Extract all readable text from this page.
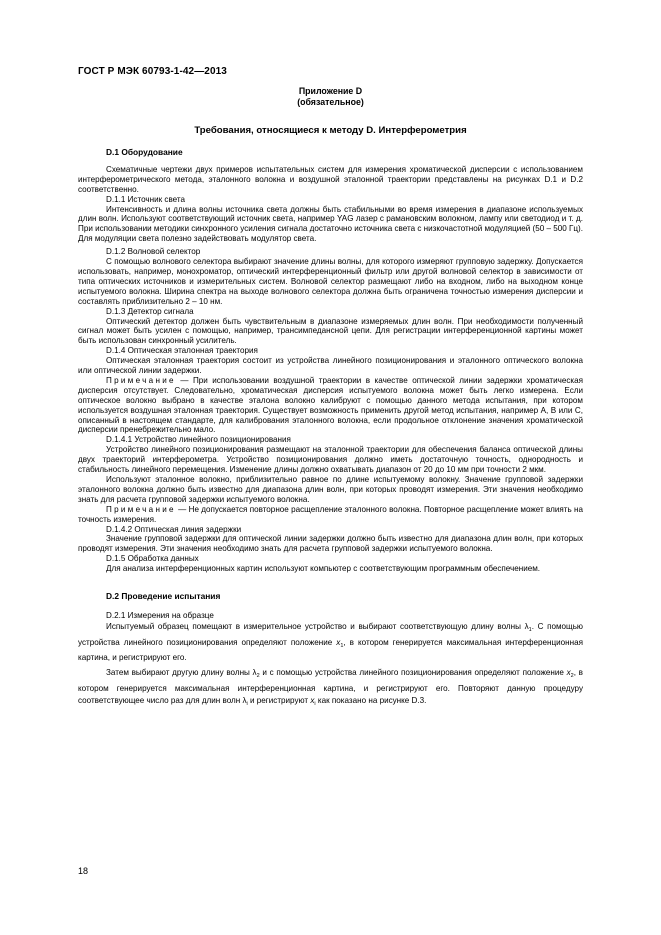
ГОСТ Р МЭК 60793-1-42—2013
Приложение D
(обязательное)
Требования, относящиеся к методу D. Интерферометрия
D.1 Оборудование

Схематичные чертежи двух примеров испытательных систем для измерения хроматической дисперсии с использованием интерферометрического метода, эталонного волокна и воздушной эталонной траектории представлены на рисунках D.1 и D.2 соответственно.

D.1.1 Источник света

Интенсивность и длина волны источника света должны быть стабильными во время измерения в диапазоне используемых длин волн. Используют соответствующий источник света, например YAG лазер с рамановским волокном, лампу или светодиод и т. д. При использовании методики синхронного усиления сигнала достаточно источника света с низкочастотной модуляцией (50 – 500 Гц). Для модуляции света полезно задействовать модулятор света.

D.1.2 Волновой селектор

С помощью волнового селектора выбирают значение длины волны, для которого измеряют групповую задержку. Допускается использовать, например, монохроматор, оптический интерференционный фильтр или другой волновой селектор в зависимости от типа оптических источников и измерительных систем. Волновой селектор размещают либо на входном, либо на выходном конце испытуемого волокна. Ширина спектра на выходе волнового селектора должна быть ограничена точностью измерения дисперсии и составлять приблизительно 2 – 10 нм.

D.1.3 Детектор сигнала

Оптический детектор должен быть чувствительным в диапазоне измеряемых длин волн. При необходимости полученный сигнал может быть усилен с помощью, например, трансимпедансной цепи. Для регистрации интерференционной картины может быть использован синхронный усилитель.

D.1.4 Оптическая эталонная траектория

Оптическая эталонная траектория состоит из устройства линейного позиционирования и эталонного оптического волокна или оптической линии задержки.

Примечание — При использовании воздушной траектории в качестве оптической линии задержки хроматическая дисперсия отсутствует. Следовательно, хроматическая дисперсия испытуемого волокна может быть легко измерена. Если оптическое волокно выбрано в качестве эталона волокно калибруют с помощью данного метода испытания, при котором используется воздушная эталонная траектория. Существует возможность применить другой метод испытания, например A, B или C, описанный в настоящем стандарте, для калибрования эталонного волокна, если продольное отклонение значения хроматической дисперсии пренебрежительно мало.

D.1.4.1 Устройство линейного позиционирования

Устройство линейного позиционирования размещают на эталонной траектории для обеспечения баланса оптической длины двух траекторий интерферометра. Устройство позиционирования должно иметь достаточную точность, однородность и стабильность линейного перемещения. Изменение длины должно охватывать диапазон от 20 до 10 мм при точности 2 мкм.

Используют эталонное волокно, приблизительно равное по длине испытуемому волокну. Значение групповой задержки эталонного волокна должно быть известно для диапазона длин волн, при которых проводят измерения. Эти значения необходимо знать для расчета групповой задержки испытуемого волокна.

Примечание — Не допускается повторное расщепление эталонного волокна. Повторное расщепление может влиять на точность измерения.

D.1.4.2 Оптическая линия задержки

Значение групповой задержки для оптической линии задержки должно быть известно для диапазона длин волн, при которых проводят измерения. Эти значения необходимо знать для расчета групповой задержки испытуемого волокна.

D.1.5 Обработка данных

Для анализа интерференционных картин используют компьютер с соответствующим программным обеспечением.

D.2 Проведение испытания

D.2.1 Измерения на образце

Испытуемый образец помещают в измерительное устройство и выбирают соответствующую длину волны $\lambda_1$. С помощью устройства линейного позиционирования определяют положение $x_1$, в котором генерируется максимальная интерференционная картина, и регистрируют его.

Затем выбирают другую длину волны $\lambda_2$ и с помощью устройства линейного позиционирования определяют положение $x_2$, в котором генерируется максимальная интерференционная картина, и регистрируют его. Повторяют данную процедуру соответствующее число раз для длин волн $\lambda_i$ и регистрируют $x_i$ как показано на рисунке D.3.

18
